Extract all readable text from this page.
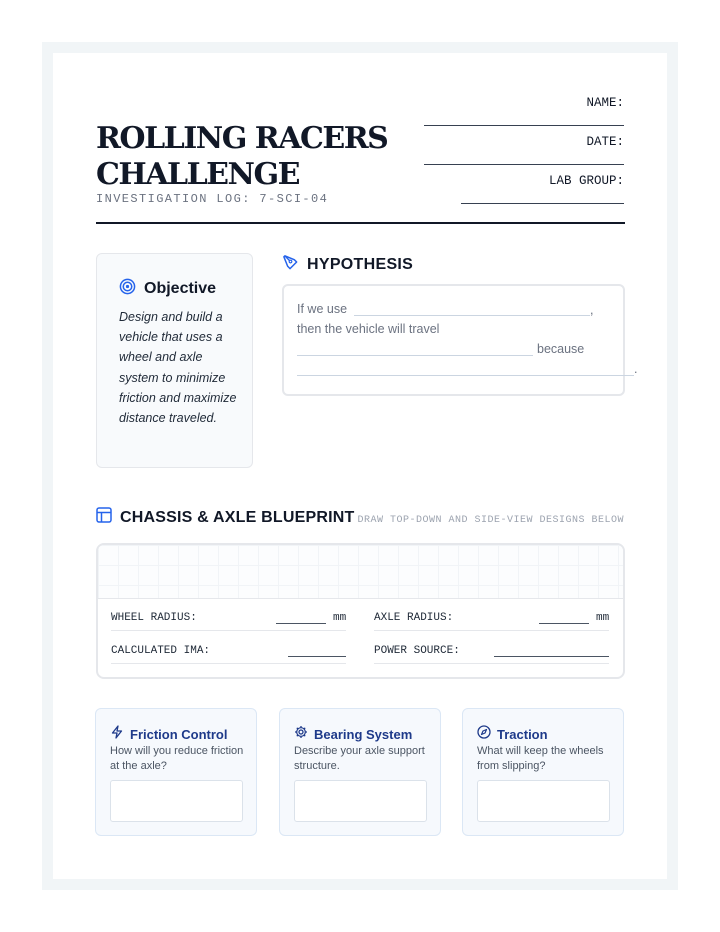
ROLLING RACERS
CHALLENGE
INVESTIGATION LOG: 7-SCI-04
NAME:
DATE:
LAB GROUP:
Objective
Design and build a vehicle that uses a wheel and axle system to minimize friction and maximize distance traveled.
HYPOTHESIS
If we use	,
then the vehicle will travel
because
.
CHASSIS & AXLE BLUEPRINT DRAW TOP-DOWN AND SIDE-VIEW DESIGNS BELOW
WHEEL RADIUS:	mm	AXLE RADIUS:	mm
CALCULATED IMA:	POWER SOURCE:
Friction Control
How will you reduce friction at the axle?
Bearing System
Describe your axle support structure.
Traction
What will keep the wheels from slipping?
